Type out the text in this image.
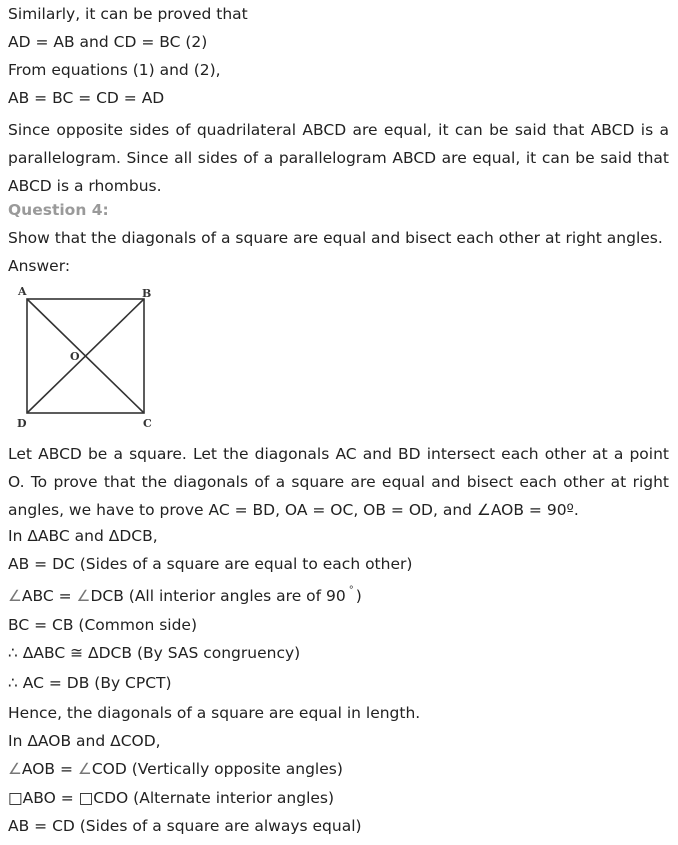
Similarly, it can be proved that
AD = AB and CD = BC (2)
From equations (1) and (2),
AB = BC = CD = AD
Since opposite sides of quadrilateral ABCD are equal, it can be said that ABCD is a parallelogram. Since all sides of a parallelogram ABCD are equal, it can be said that ABCD is a rhombus.
Question 4:
Show that the diagonals of a square are equal and bisect each other at right angles.
Answer:
A	B
C
D
O
Let ABCD be a square. Let the diagonals AC and BD intersect each other at a point O. To prove that the diagonals of a square are equal and bisect each other at right angles, we have to prove AC = BD, OA = OC, OB = OD, and ∠AOB = 90º.
In ΔABC and ΔDCB,
AB = DC (Sides of a square are equal to each other)
∠ABC = ∠DCB (All interior angles are of 90 ° )
BC = CB (Common side)
∴ ΔABC ≅ ΔDCB (By SAS congruency)
∴ AC = DB (By CPCT)
Hence, the diagonals of a square are equal in length.
In ΔAOB and ΔCOD,
∠AOB = ∠COD (Vertically opposite angles)
□ABO = □CDO (Alternate interior angles)
AB = CD (Sides of a square are always equal)
